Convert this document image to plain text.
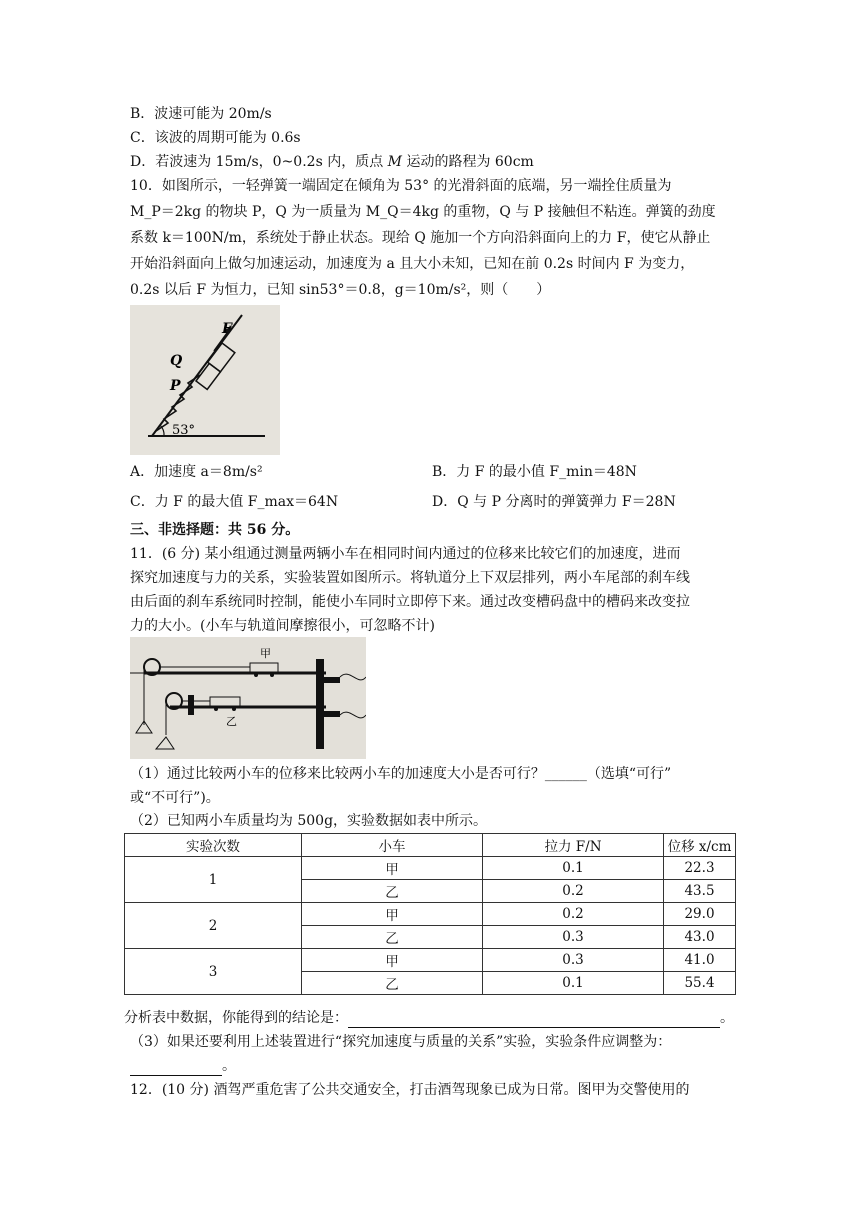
B．波速可能为 20m/s
C．该波的周期可能为 0.6s
D．若波速为 15m/s，0~0.2s 内，质点 M 运动的路程为 60cm
10．如图所示，一轻弹簧一端固定在倾角为 53° 的光滑斜面的底端，另一端拴住质量为
M_P＝2kg 的物块 P，Q 为一质量为 M_Q＝4kg 的重物，Q 与 P 接触但不粘连。弹簧的劲度
系数 k＝100N/m，系统处于静止状态。现给 Q 施加一个方向沿斜面向上的力 F，使它从静止
开始沿斜面向上做匀加速运动，加速度为 a 且大小未知，已知在前 0.2s 时间内 F 为变力，
0.2s 以后 F 为恒力，已知 sin53°＝0.8，g＝10m/s²，则（　　）
F
Q
P
53°
A．加速度 a＝8m/s²	B．力 F 的最小值 F_min＝48N
C．力 F 的最大值 F_max＝64N	D．Q 与 P 分离时的弹簧弹力 F＝28N
三、非选择题：共 56 分。
11．(6 分) 某小组通过测量两辆小车在相同时间内通过的位移来比较它们的加速度，进而
探究加速度与力的关系，实验装置如图所示。将轨道分上下双层排列，两小车尾部的刹车线
由后面的刹车系统同时控制，能使小车同时立即停下来。通过改变槽码盘中的槽码来改变拉
力的大小。(小车与轨道间摩擦很小，可忽略不计)
甲
乙
（1）通过比较两小车的位移来比较两小车的加速度大小是否可行？______（选填“可行”
或“不可行”)。
（2）已知两小车质量均为 500g，实验数据如表中所示。
实验次数	小车	拉力 F/N	位移 x/cm
1	甲	0.1	22.3
	乙	0.2	43.5
2	甲	0.2	29.0
	乙	0.3	43.0
3	甲	0.3	41.0
	乙	0.1	55.4
分析表中数据，你能得到的结论是：	。
（3）如果还要利用上述装置进行“探究加速度与质量的关系”实验，实验条件应调整为：
。
12．(10 分) 酒驾严重危害了公共交通安全，打击酒驾现象已成为日常。图甲为交警使用的
